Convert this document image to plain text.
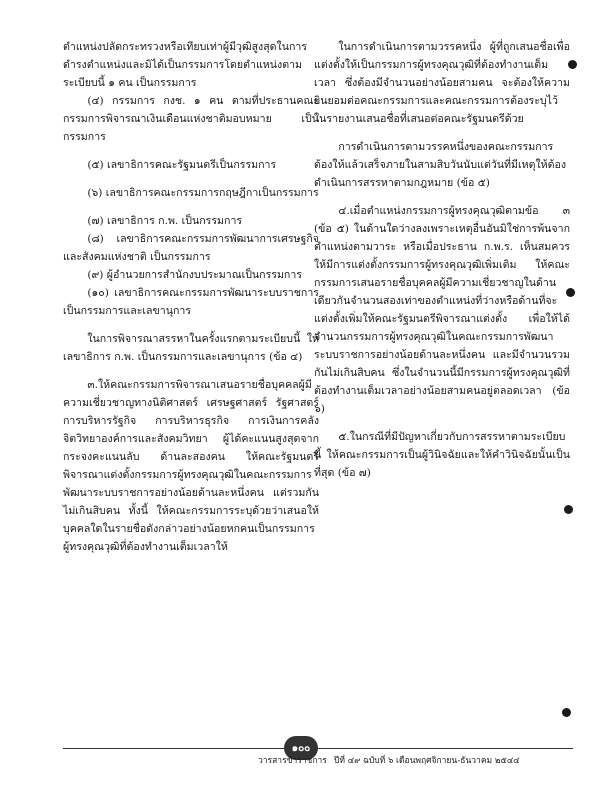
ตำแหน่งปลัดกระทรวงหรือเทียบเท่าผู้มีวุฒิสูงสุดในการดำรงตำแหน่งและมิได้เป็นกรรมการโดยตำแหน่งตามระเบียบนี้ ๑ คน เป็นกรรมการ

(๔) กรรมการ กงช. ๑ คน ตามที่ประธานคณะกรรมการพิจารณาเงินเดือนแห่งชาติมอบหมาย เป็นกรรมการ

(๕) เลขาธิการคณะรัฐมนตรีเป็นกรรมการ

(๖) เลขาธิการคณะกรรมการกฤษฎีกาเป็นกรรมการ

(๗) เลขาธิการ ก.พ. เป็นกรรมการ

(๘) เลขาธิการคณะกรรมการพัฒนาการเศรษฐกิจและสังคมแห่งชาติ เป็นกรรมการ

(๙) ผู้อำนวยการสำนักงบประมาณเป็นกรรมการ

(๑๐) เลขาธิการคณะกรรมการพัฒนาระบบราชการ เป็นกรรมการและเลขานุการ

ในการพิจารณาสรรหาในครั้งแรกตามระเบียบนี้ ให้เลขาธิการ ก.พ. เป็นกรรมการและเลขานุการ (ข้อ ๔)

๓.ให้คณะกรรมการพิจารณาเสนอรายชื่อบุคคลผู้มีความเชี่ยวชาญทางนิติศาสตร์ เศรษฐศาสตร์ รัฐศาสตร์ การบริหารรัฐกิจ การบริหารธุรกิจ การเงินการคลัง จิตวิทยาองค์การและสังคมวิทยา ผู้ได้คะแนนสูงสุดจากกระจงคะแนนลับ ด้านละสองคน ให้คณะรัฐมนตรีพิจารณาแต่งตั้งกรรมการผู้ทรงคุณวุฒิในคณะกรรมการพัฒนาระบบราชการอย่างน้อยด้านละหนึ่งคน แต่รวมกันไม่เกินสิบคน ทั้งนี้ ให้คณะกรรมการระบุด้วยว่าเสนอให้บุคคลใดในรายชื่อดังกล่าวอย่างน้อยหกคนเป็นกรรมการผู้ทรงคุณวุฒิที่ต้องทำงานเต็มเวลาให้

ในการดำเนินการตามวรรคหนึ่ง ผู้ที่ถูกเสนอชื่อเพื่อแต่งตั้งให้เป็นกรรมการผู้ทรงคุณวุฒิที่ต้องทำงานเต็มเวลา ซึ่งต้องมีจำนวนอย่างน้อยสามคน จะต้องให้ความยินยอมต่อคณะกรรมการและคณะกรรมการต้องระบุไว้ในรายงานเสนอชื่อที่เสนอต่อคณะรัฐมนตรีด้วย

การดำเนินการตามวรรคหนึ่งของคณะกรรมการ ต้องให้แล้วเสร็จภายในสามสิบวันนับแต่วันที่มีเหตุให้ต้องดำเนินการสรรหาตามกฎหมาย (ข้อ ๕)

๔.เมื่อตำแหน่งกรรมการผู้ทรงคุณวุฒิตามข้อ ๓ (ข้อ ๕) ในด้านใดว่างลงเพราะเหตุอื่นอันมิใช่การพ้นจากตำแหน่งตามวาระ หรือเมื่อประธาน ก.พ.ร. เห็นสมควรให้มีการแต่งตั้งกรรมการผู้ทรงคุณวุฒิเพิ่มเติม ให้คณะกรรมการเสนอรายชื่อบุคคลผู้มีความเชี่ยวชาญในด้านเดียวกันจำนวนสองเท่าของตำแหน่งที่ว่างหรือด้านที่จะแต่งตั้งเพิ่มให้คณะรัฐมนตรีพิจารณาแต่งตั้ง เพื่อให้ได้จำนวนกรรมการผู้ทรงคุณวุฒิในคณะกรรมการพัฒนาระบบราชการอย่างน้อยด้านละหนึ่งคน และมีจำนวนรวมกันไม่เกินสิบคน ซึ่งในจำนวนนี้มีกรรมการผู้ทรงคุณวุฒิที่ต้องทำงานเต็มเวลาอย่างน้อยสามคนอยู่ตลอดเวลา (ข้อ ๖)

๕.ในกรณีที่มีปัญหาเกี่ยวกับการสรรหาตามระเบียบนี้ ให้คณะกรรมการเป็นผู้วินิจฉัยและให้คำวินิจฉัยนั้นเป็นที่สุด (ข้อ ๗)

๑๐๐
วารสารข้าราชการ ปีที่ ๔๙ ฉบับที่ ๖ เดือนพฤศจิกายน-ธันวาคม ๒๕๔๔
